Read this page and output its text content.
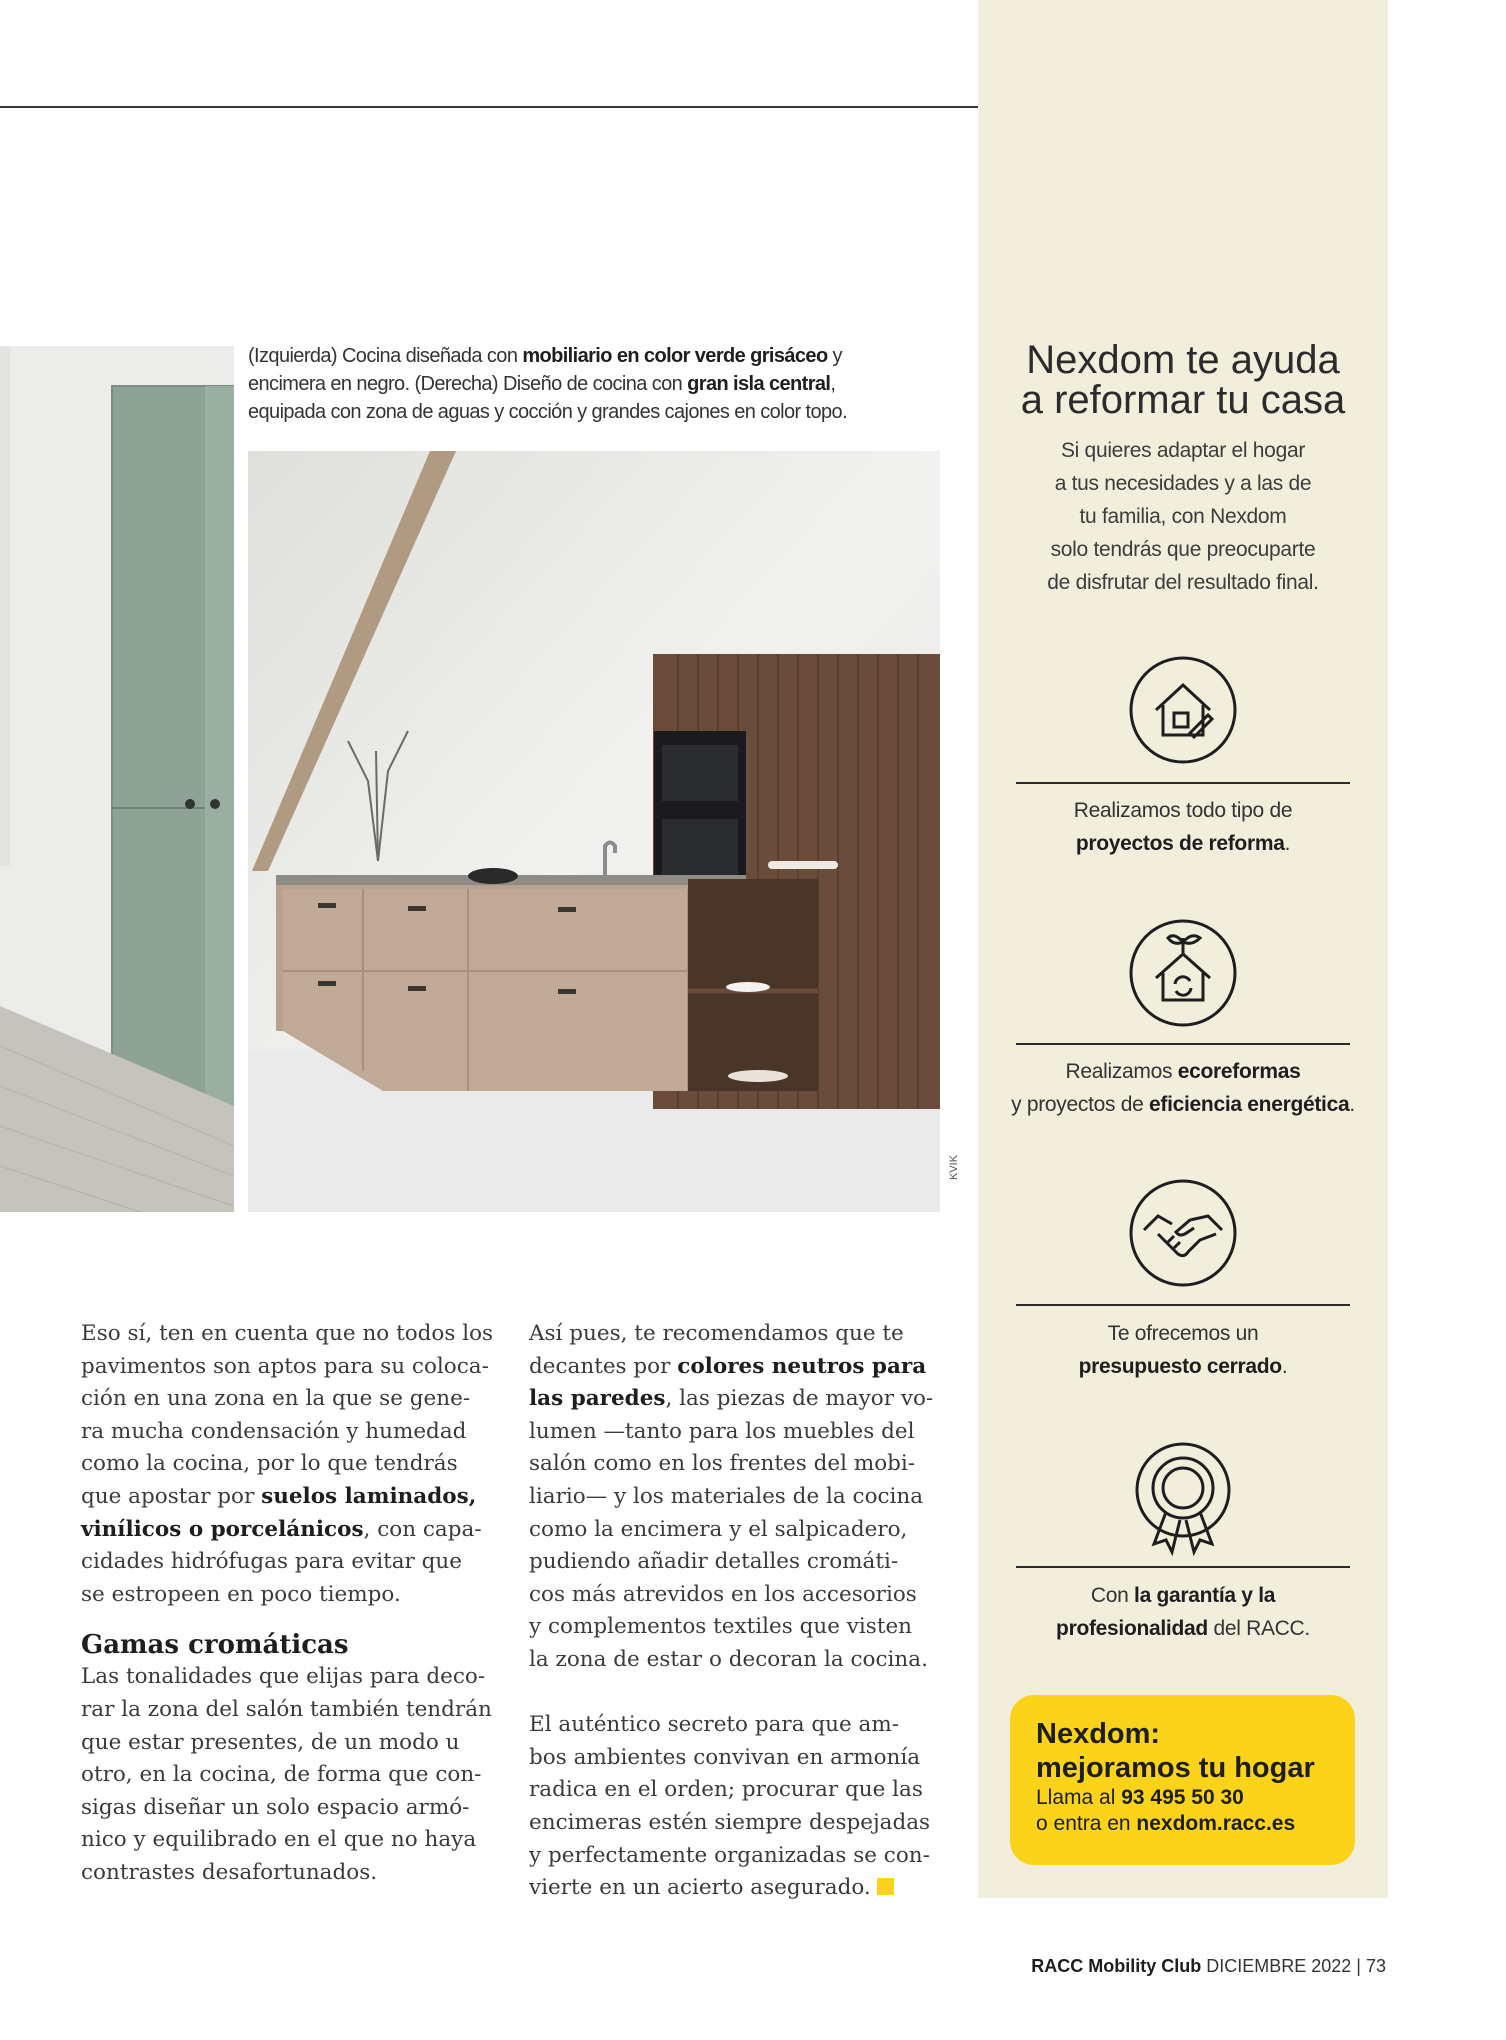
(Izquierda) Cocina diseñada con mobiliario en color verde grisáceo y
encimera en negro. (Derecha) Diseño de cocina con gran isla central,
equipada con zona de aguas y cocción y grandes cajones en color topo.
KVIK
Eso sí, ten en cuenta que no todos los
pavimentos son aptos para su coloca-
ción en una zona en la que se gene-
ra mucha condensación y humedad
como la cocina, por lo que tendrás
que apostar por suelos laminados,
vinílicos o porcelánicos, con capa-
cidades hidrófugas para evitar que
se estropeen en poco tiempo.
Gamas cromáticas
Las tonalidades que elijas para deco-
rar la zona del salón también tendrán
que estar presentes, de un modo u
otro, en la cocina, de forma que con-
sigas diseñar un solo espacio armó-
nico y equilibrado en el que no haya
contrastes desafortunados.
Así pues, te recomendamos que te
decantes por colores neutros para
las paredes, las piezas de mayor vo-
lumen —tanto para los muebles del
salón como en los frentes del mobi-
liario— y los materiales de la cocina
como la encimera y el salpicadero,
pudiendo añadir detalles cromáti-
cos más atrevidos en los accesorios
y complementos textiles que visten
la zona de estar o decoran la cocina.
El auténtico secreto para que am-
bos ambientes convivan en armonía
radica en el orden; procurar que las
encimeras estén siempre despejadas
y perfectamente organizadas se con-
vierte en un acierto asegurado.
Nexdom te ayuda
a reformar tu casa
Si quieres adaptar el hogar
a tus necesidades y a las de
tu familia, con Nexdom
solo tendrás que preocuparte
de disfrutar del resultado final.
Realizamos todo tipo de
proyectos de reforma.
Realizamos ecoreformas
y proyectos de eficiencia energética.
Te ofrecemos un
presupuesto cerrado.
Con la garantía y la
profesionalidad del RACC.
Nexdom:
mejoramos tu hogar
Llama al 93 495 50 30
o entra en nexdom.racc.es
RACC Mobility Club DICIEMBRE 2022 | 73
